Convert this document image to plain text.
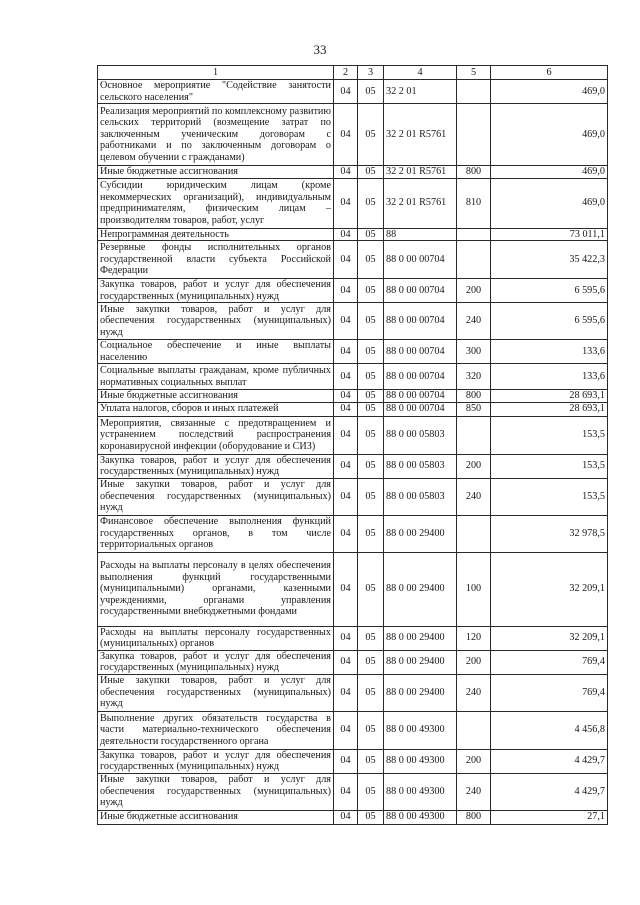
33
1	2	3	4	5	6

Основное мероприятие "Содействие занятости сельского населения"	04	05	32 2 01		469,0

Реализация мероприятий по комплексному развитию сельских территорий (возмещение затрат по заключенным ученическим договорам с работниками и по заключенным договорам о целевом обучении с гражданами)	04	05	32 2 01 R5761		469,0

Иные бюджетные ассигнования	04	05	32 2 01 R5761	800	469,0

Субсидии юридическим лицам (кроме некоммерческих организаций), индивидуальным предпринимателям, физическим лицам – производителям товаров, работ, услуг	04	05	32 2 01 R5761	810	469,0

Непрограммная деятельность	04	05	88		73 011,1

Резервные фонды исполнительных органов государственной власти субъекта Российской Федерации	04	05	88 0 00 00704		35 422,3

Закупка товаров, работ и услуг для обеспечения государственных (муниципальных) нужд	04	05	88 0 00 00704	200	6 595,6

Иные закупки товаров, работ и услуг для обеспечения государственных (муниципальных) нужд	04	05	88 0 00 00704	240	6 595,6

Социальное обеспечение и иные выплаты населению	04	05	88 0 00 00704	300	133,6

Социальные выплаты гражданам, кроме публичных нормативных социальных выплат	04	05	88 0 00 00704	320	133,6

Иные бюджетные ассигнования	04	05	88 0 00 00704	800	28 693,1

Уплата налогов, сборов и иных платежей	04	05	88 0 00 00704	850	28 693,1

Мероприятия, связанные с предотвращением и устранением последствий распространения коронавирусной инфекции (оборудование и СИЗ)	04	05	88 0 00 05803		153,5

Закупка товаров, работ и услуг для обеспечения государственных (муниципальных) нужд	04	05	88 0 00 05803	200	153,5

Иные закупки товаров, работ и услуг для обеспечения государственных (муниципальных) нужд	04	05	88 0 00 05803	240	153,5

Финансовое обеспечение выполнения функций государственных органов, в том числе территориальных органов	04	05	88 0 00 29400		32 978,5

Расходы на выплаты персоналу в целях обеспечения выполнения функций государственными (муниципальными) органами, казенными учреждениями, органами управления государственными внебюджетными фондами	04	05	88 0 00 29400	100	32 209,1

Расходы на выплаты персоналу государственных (муниципальных) органов	04	05	88 0 00 29400	120	32 209,1

Закупка товаров, работ и услуг для обеспечения государственных (муниципальных) нужд	04	05	88 0 00 29400	200	769,4

Иные закупки товаров, работ и услуг для обеспечения государственных (муниципальных) нужд	04	05	88 0 00 29400	240	769,4

Выполнение других обязательств государства в части материально-технического обеспечения деятельности государственного органа	04	05	88 0 00 49300		4 456,8

Закупка товаров, работ и услуг для обеспечения государственных (муниципальных) нужд	04	05	88 0 00 49300	200	4 429,7

Иные закупки товаров, работ и услуг для обеспечения государственных (муниципальных) нужд	04	05	88 0 00 49300	240	4 429,7

Иные бюджетные ассигнования	04	05	88 0 00 49300	800	27,1
